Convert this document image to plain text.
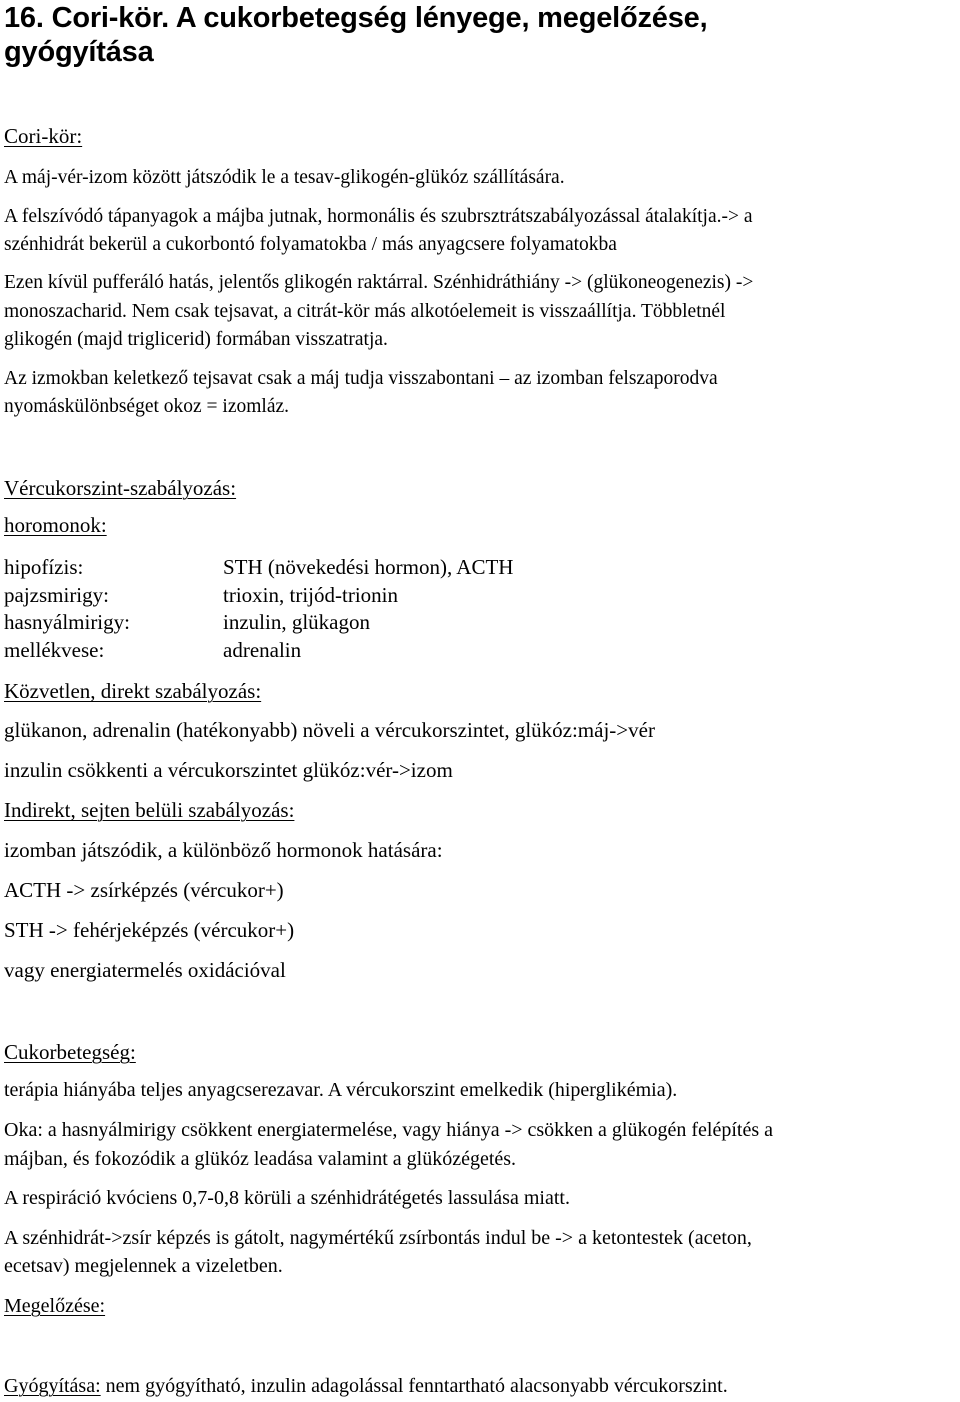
16. Cori-kör. A cukorbetegség lényege, megelőzése,
gyógyítása
Cori-kör:
A máj-vér-izom között játszódik le a tesav-glikogén-glükóz szállítására.
A felszívódó tápanyagok a májba jutnak, hormonális és szubrsztrátszabályozással átalakítja.-> a
szénhidrát bekerül a cukorbontó folyamatokba / más anyagcsere folyamatokba
Ezen kívül pufferáló hatás, jelentős glikogén raktárral. Szénhidráthiány -> (glükoneogenezis) ->
monoszacharid. Nem csak tejsavat, a citrát-kör más alkotóelemeit is visszaállítja. Többletnél
glikogén (majd triglicerid) formában visszatratja.
Az izmokban keletkező tejsavat csak a máj tudja visszabontani – az izomban felszaporodva
nyomáskülönbséget okoz = izomláz.
Vércukorszint-szabályozás:
horomonok:
hipofízis:	STH (növekedési hormon), ACTH
pajzsmirigy:	trioxin, trijód-trionin
hasnyálmirigy:	inzulin, glükagon
mellékvese:	adrenalin
Közvetlen, direkt szabályozás:
glükanon, adrenalin (hatékonyabb) növeli a vércukorszintet, glükóz:máj->vér
inzulin csökkenti a vércukorszintet glükóz:vér->izom
Indirekt, sejten belüli szabályozás:
izomban játszódik, a különböző hormonok hatására:
ACTH -> zsírképzés (vércukor+)
STH -> fehérjeképzés (vércukor+)
vagy energiatermelés oxidációval
Cukorbetegség:
terápia hiányába teljes anyagcserezavar. A vércukorszint emelkedik (hiperglikémia).
Oka: a hasnyálmirigy csökkent energiatermelése, vagy hiánya -> csökken a glükogén felépítés a
májban, és fokozódik a glükóz leadása valamint a glükózégetés.
A respiráció kvóciens 0,7-0,8 körüli a szénhidrátégetés lassulása miatt.
A szénhidrát->zsír képzés is gátolt, nagymértékű zsírbontás indul be -> a ketontestek (aceton,
ecetsav) megjelennek a vizeletben.
Megelőzése:
Gyógyítása: nem gyógyítható, inzulin adagolással fenntartható alacsonyabb vércukorszint.
